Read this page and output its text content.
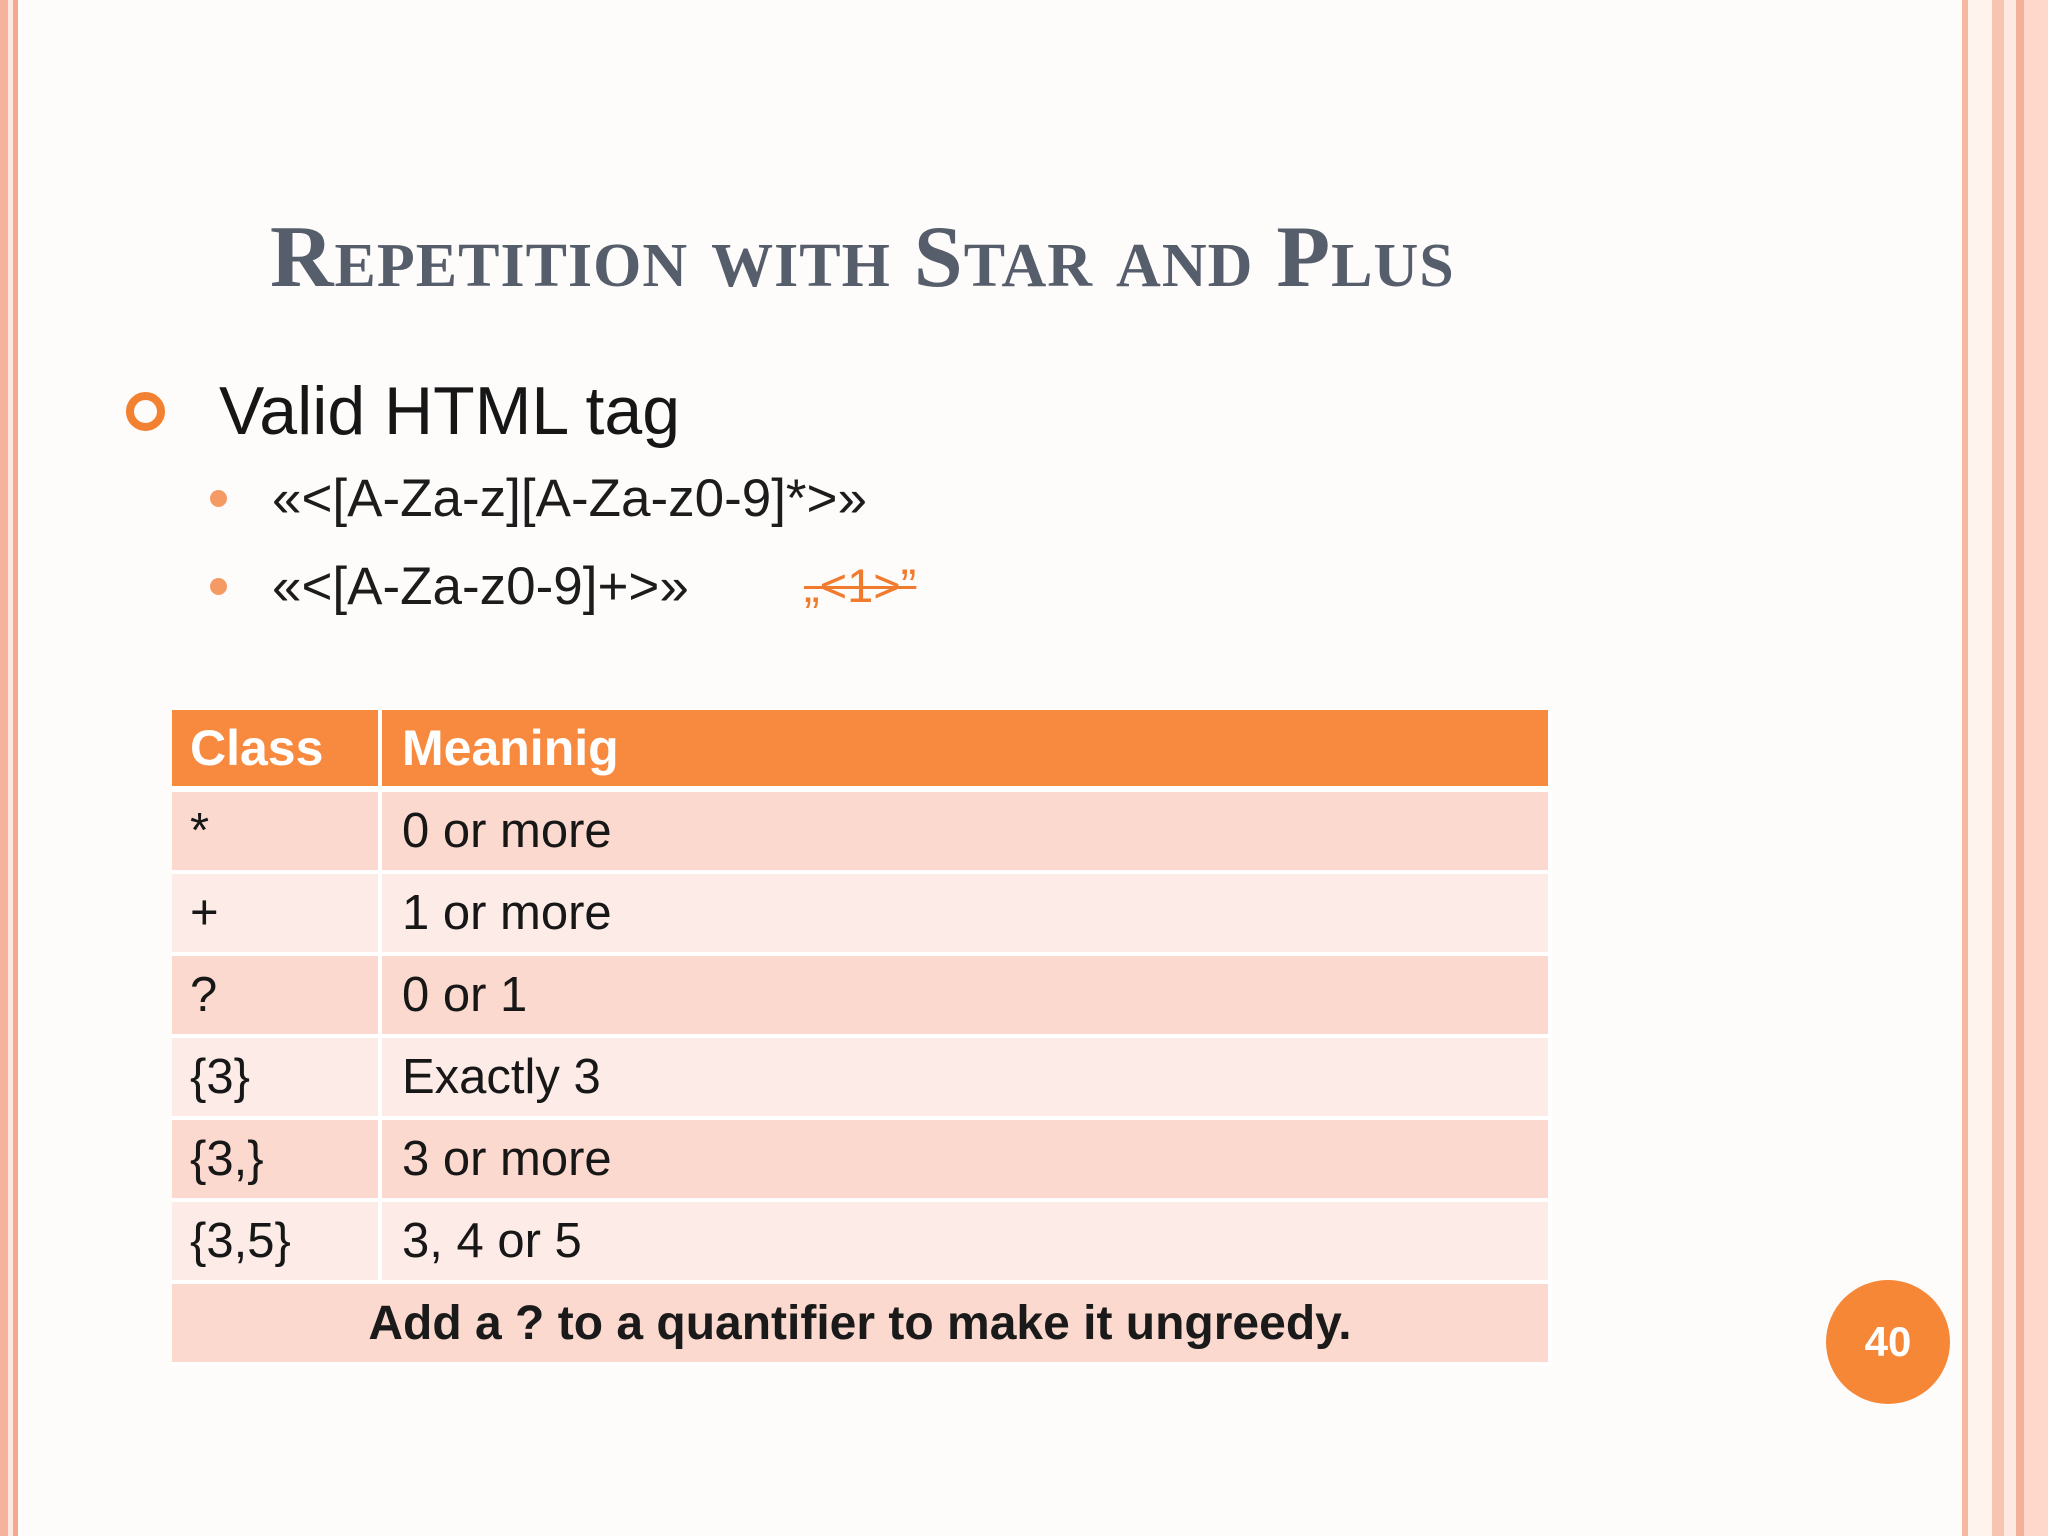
Repetition with Star and Plus
Valid HTML tag
«<[A-Za-z][A-Za-z0-9]*>»
«<[A-Za-z0-9]+>» „<1>”
Class	Meaninig
*	0 or more
+	1 or more
?	0 or 1
{3}	Exactly 3
{3,}	3 or more
{3,5}	3, 4 or 5
Add a ? to a quantifier to make it ungreedy.		40
